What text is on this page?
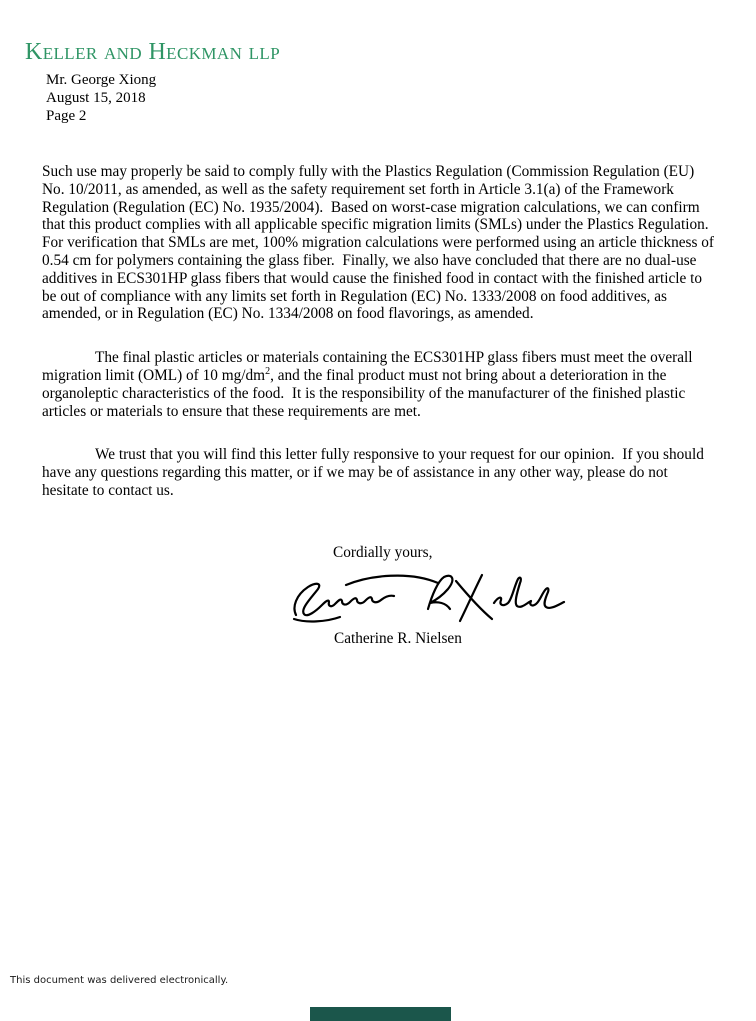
Keller and Heckman llp
Mr. George Xiong
August 15, 2018
Page 2

Such use may properly be said to comply fully with the Plastics Regulation (Commission Regulation (EU) No. 10/2011, as amended, as well as the safety requirement set forth in Article 3.1(a) of the Framework Regulation (Regulation (EC) No. 1935/2004).  Based on worst-case migration calculations, we can confirm that this product complies with all applicable specific migration limits (SMLs) under the Plastics Regulation.  For verification that SMLs are met, 100% migration calculations were performed using an article thickness of 0.54 cm for polymers containing the glass fiber.  Finally, we also have concluded that there are no dual-use additives in ECS301HP glass fibers that would cause the finished food in contact with the finished article to be out of compliance with any limits set forth in Regulation (EC) No. 1333/2008 on food additives, as amended, or in Regulation (EC) No. 1334/2008 on food flavorings, as amended.

The final plastic articles or materials containing the ECS301HP glass fibers must meet the overall migration limit (OML) of 10 $mg/dm^2$, and the final product must not bring about a deterioration in the organoleptic characteristics of the food.  It is the responsibility of the manufacturer of the finished plastic articles or materials to ensure that these requirements are met.

We trust that you will find this letter fully responsive to your request for our opinion.  If you should have any questions regarding this matter, or if we may be of assistance in any other way, please do not hesitate to contact us.

Cordially yours,
Catherine R. Nielsen
This document was delivered electronically.
